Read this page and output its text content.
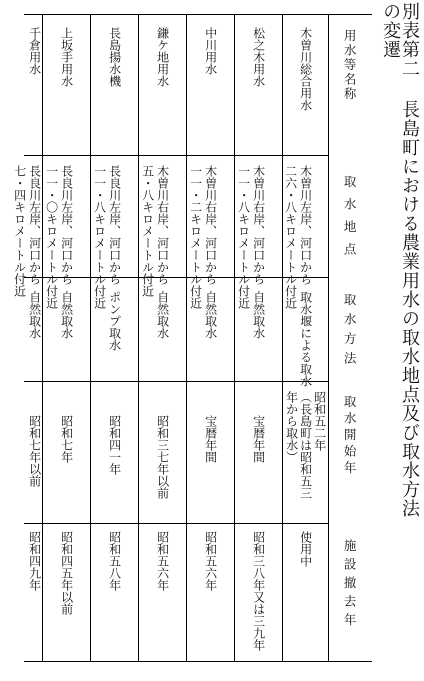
別表第二 長島町における農業用水の取水地点及び取水方法の変遷
用水等名称
取水地点
取水方法
取水開始年
施設撤去年
木曽川総合用水
木曽川左岸、河口から
二六・八キロメートル付近
取水堰による取水
昭和五二年
（長島町は昭和五三
年から取水）
使用中
松之木用水
木曽川右岸、河口から
一一・八キロメートル付近
自然取水
宝暦年間
昭和三八年又は三九年
中川用水
木曽川右岸、河口から
一一・二キロメートル付近
自然取水
宝暦年間
昭和五六年
鎌ケ地用水
木曽川右岸、河口から
五・八キロメートル付近
自然取水
昭和三七年以前
昭和五六年
長島揚水機
長良川左岸、河口から
一一・八キロメートル付近
ポンプ取水
昭和四一年
昭和五八年
上坂手用水
長良川左岸、河口から
一一・〇キロメートル付近
自然取水
昭和七年
昭和四五年以前
千倉用水
長良川左岸、河口から
七・四キロメートル付近
自然取水
昭和七年以前
昭和四九年
